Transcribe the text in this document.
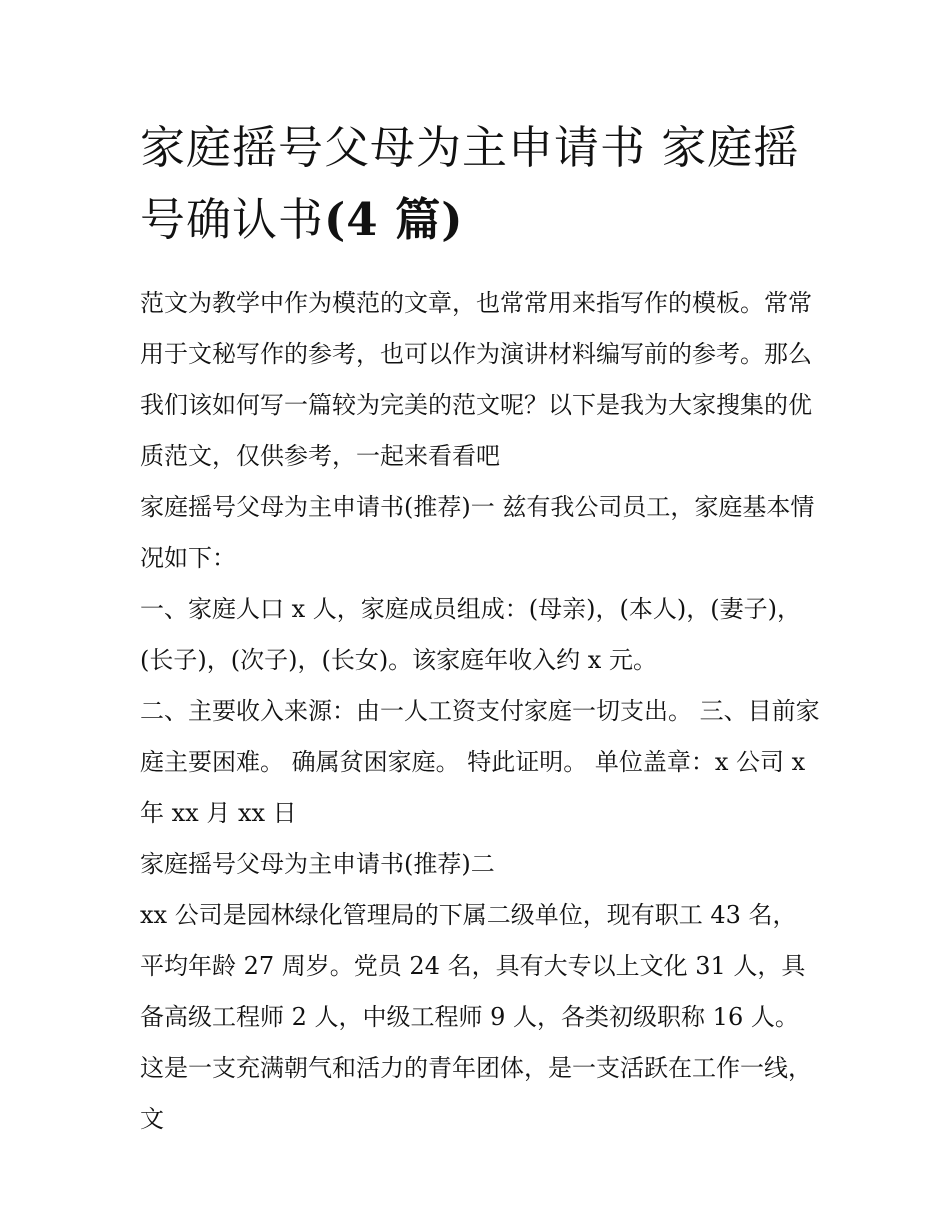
家庭摇号父母为主申请书 家庭摇号确认书(4 篇)

范文为教学中作为模范的文章，也常常用来指写作的模板。常常用于文秘写作的参考，也可以作为演讲材料编写前的参考。那么我们该如何写一篇较为完美的范文呢？以下是我为大家搜集的优质范文，仅供参考，一起来看看吧

家庭摇号父母为主申请书(推荐)一 兹有我公司员工，家庭基本情况如下：

一、家庭人口 x 人，家庭成员组成：(母亲)，(本人)，(妻子)，(长子)，(次子)，(长女)。该家庭年收入约 x 元。

二、主要收入来源：由一人工资支付家庭一切支出。 三、目前家庭主要困难。 确属贫困家庭。 特此证明。 单位盖章：x 公司 x 年 xx 月 xx 日

家庭摇号父母为主申请书(推荐)二

xx 公司是园林绿化管理局的下属二级单位，现有职工 43 名，平均年龄 27 周岁。党员 24 名，具有大专以上文化 31 人，具备高级工程师 2 人，中级工程师 9 人，各类初级职称 16 人。这是一支充满朝气和活力的青年团体，是一支活跃在工作一线，文
